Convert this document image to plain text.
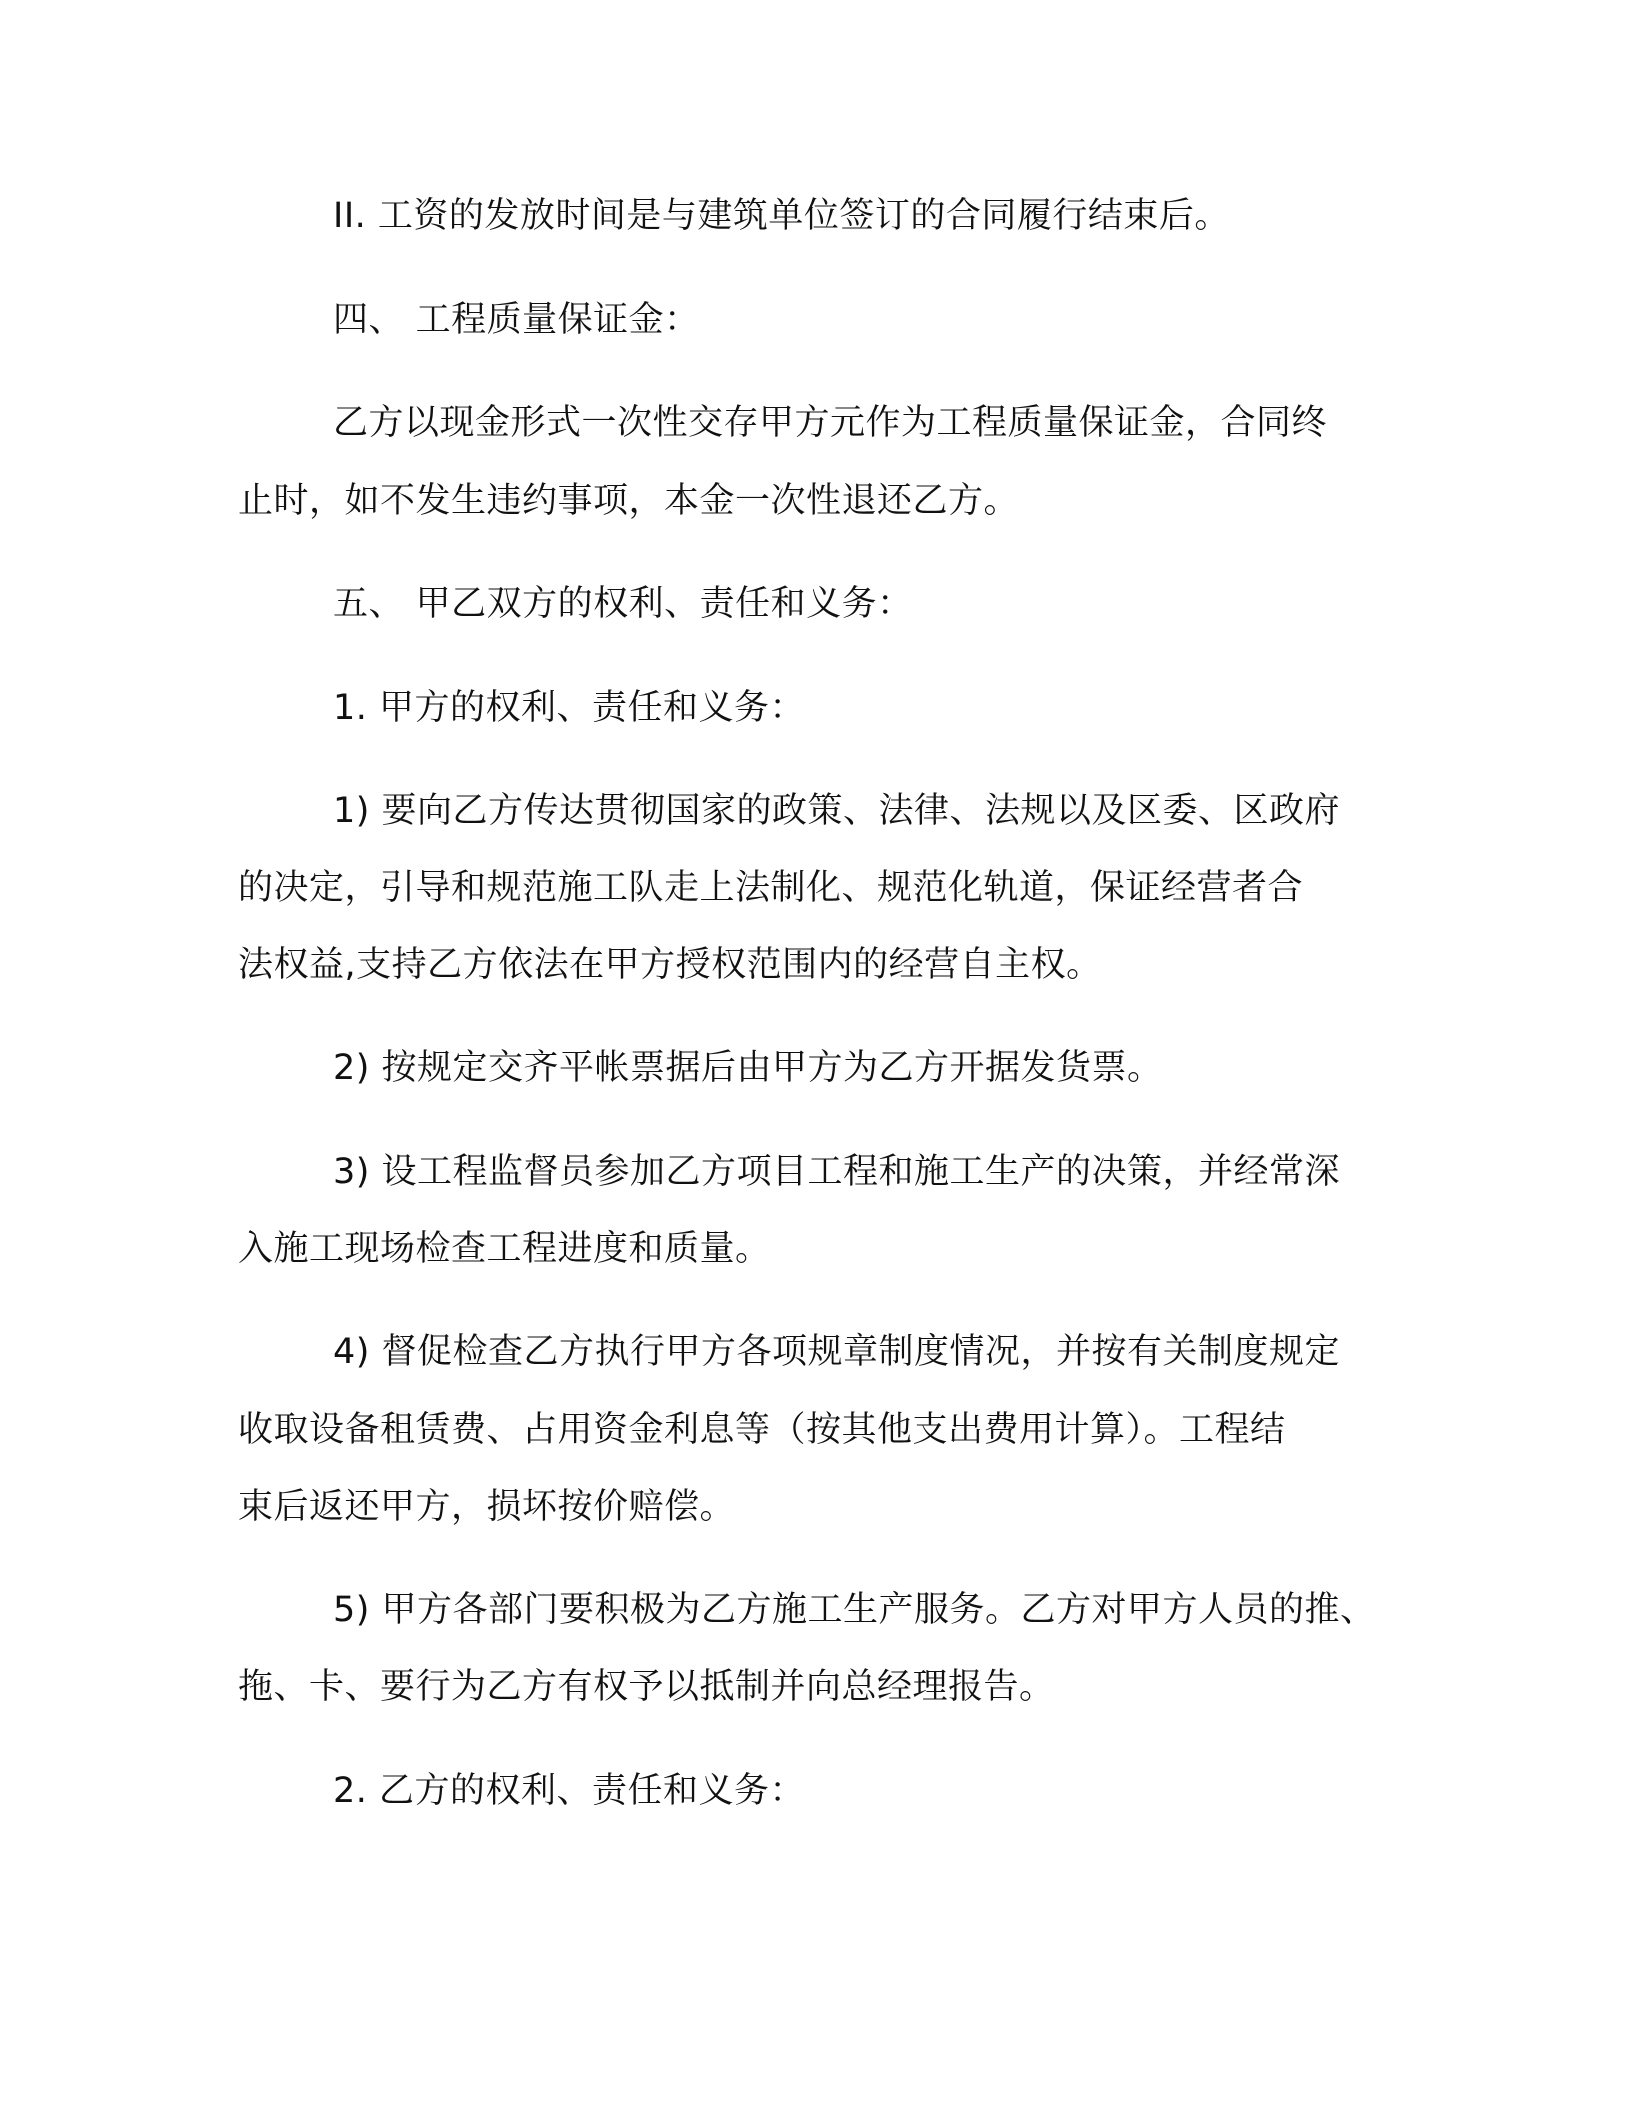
II. 工资的发放时间是与建筑单位签订的合同履行结束后。
四、 工程质量保证金：
乙方以现金形式一次性交存甲方元作为工程质量保证金，合同终
止时，如不发生违约事项，本金一次性退还乙方。
五、 甲乙双方的权利、责任和义务：
1. 甲方的权利、责任和义务：
1) 要向乙方传达贯彻国家的政策、法律、法规以及区委、区政府
的决定，引导和规范施工队走上法制化、规范化轨道，保证经营者合
法权益,支持乙方依法在甲方授权范围内的经营自主权。
2) 按规定交齐平帐票据后由甲方为乙方开据发货票。
3) 设工程监督员参加乙方项目工程和施工生产的决策，并经常深
入施工现场检查工程进度和质量。
4) 督促检查乙方执行甲方各项规章制度情况，并按有关制度规定
收取设备租赁费、占用资金利息等（按其他支出费用计算）。工程结
束后返还甲方，损坏按价赔偿。
5) 甲方各部门要积极为乙方施工生产服务。乙方对甲方人员的推、
拖、卡、要行为乙方有权予以抵制并向总经理报告。
2. 乙方的权利、责任和义务：
